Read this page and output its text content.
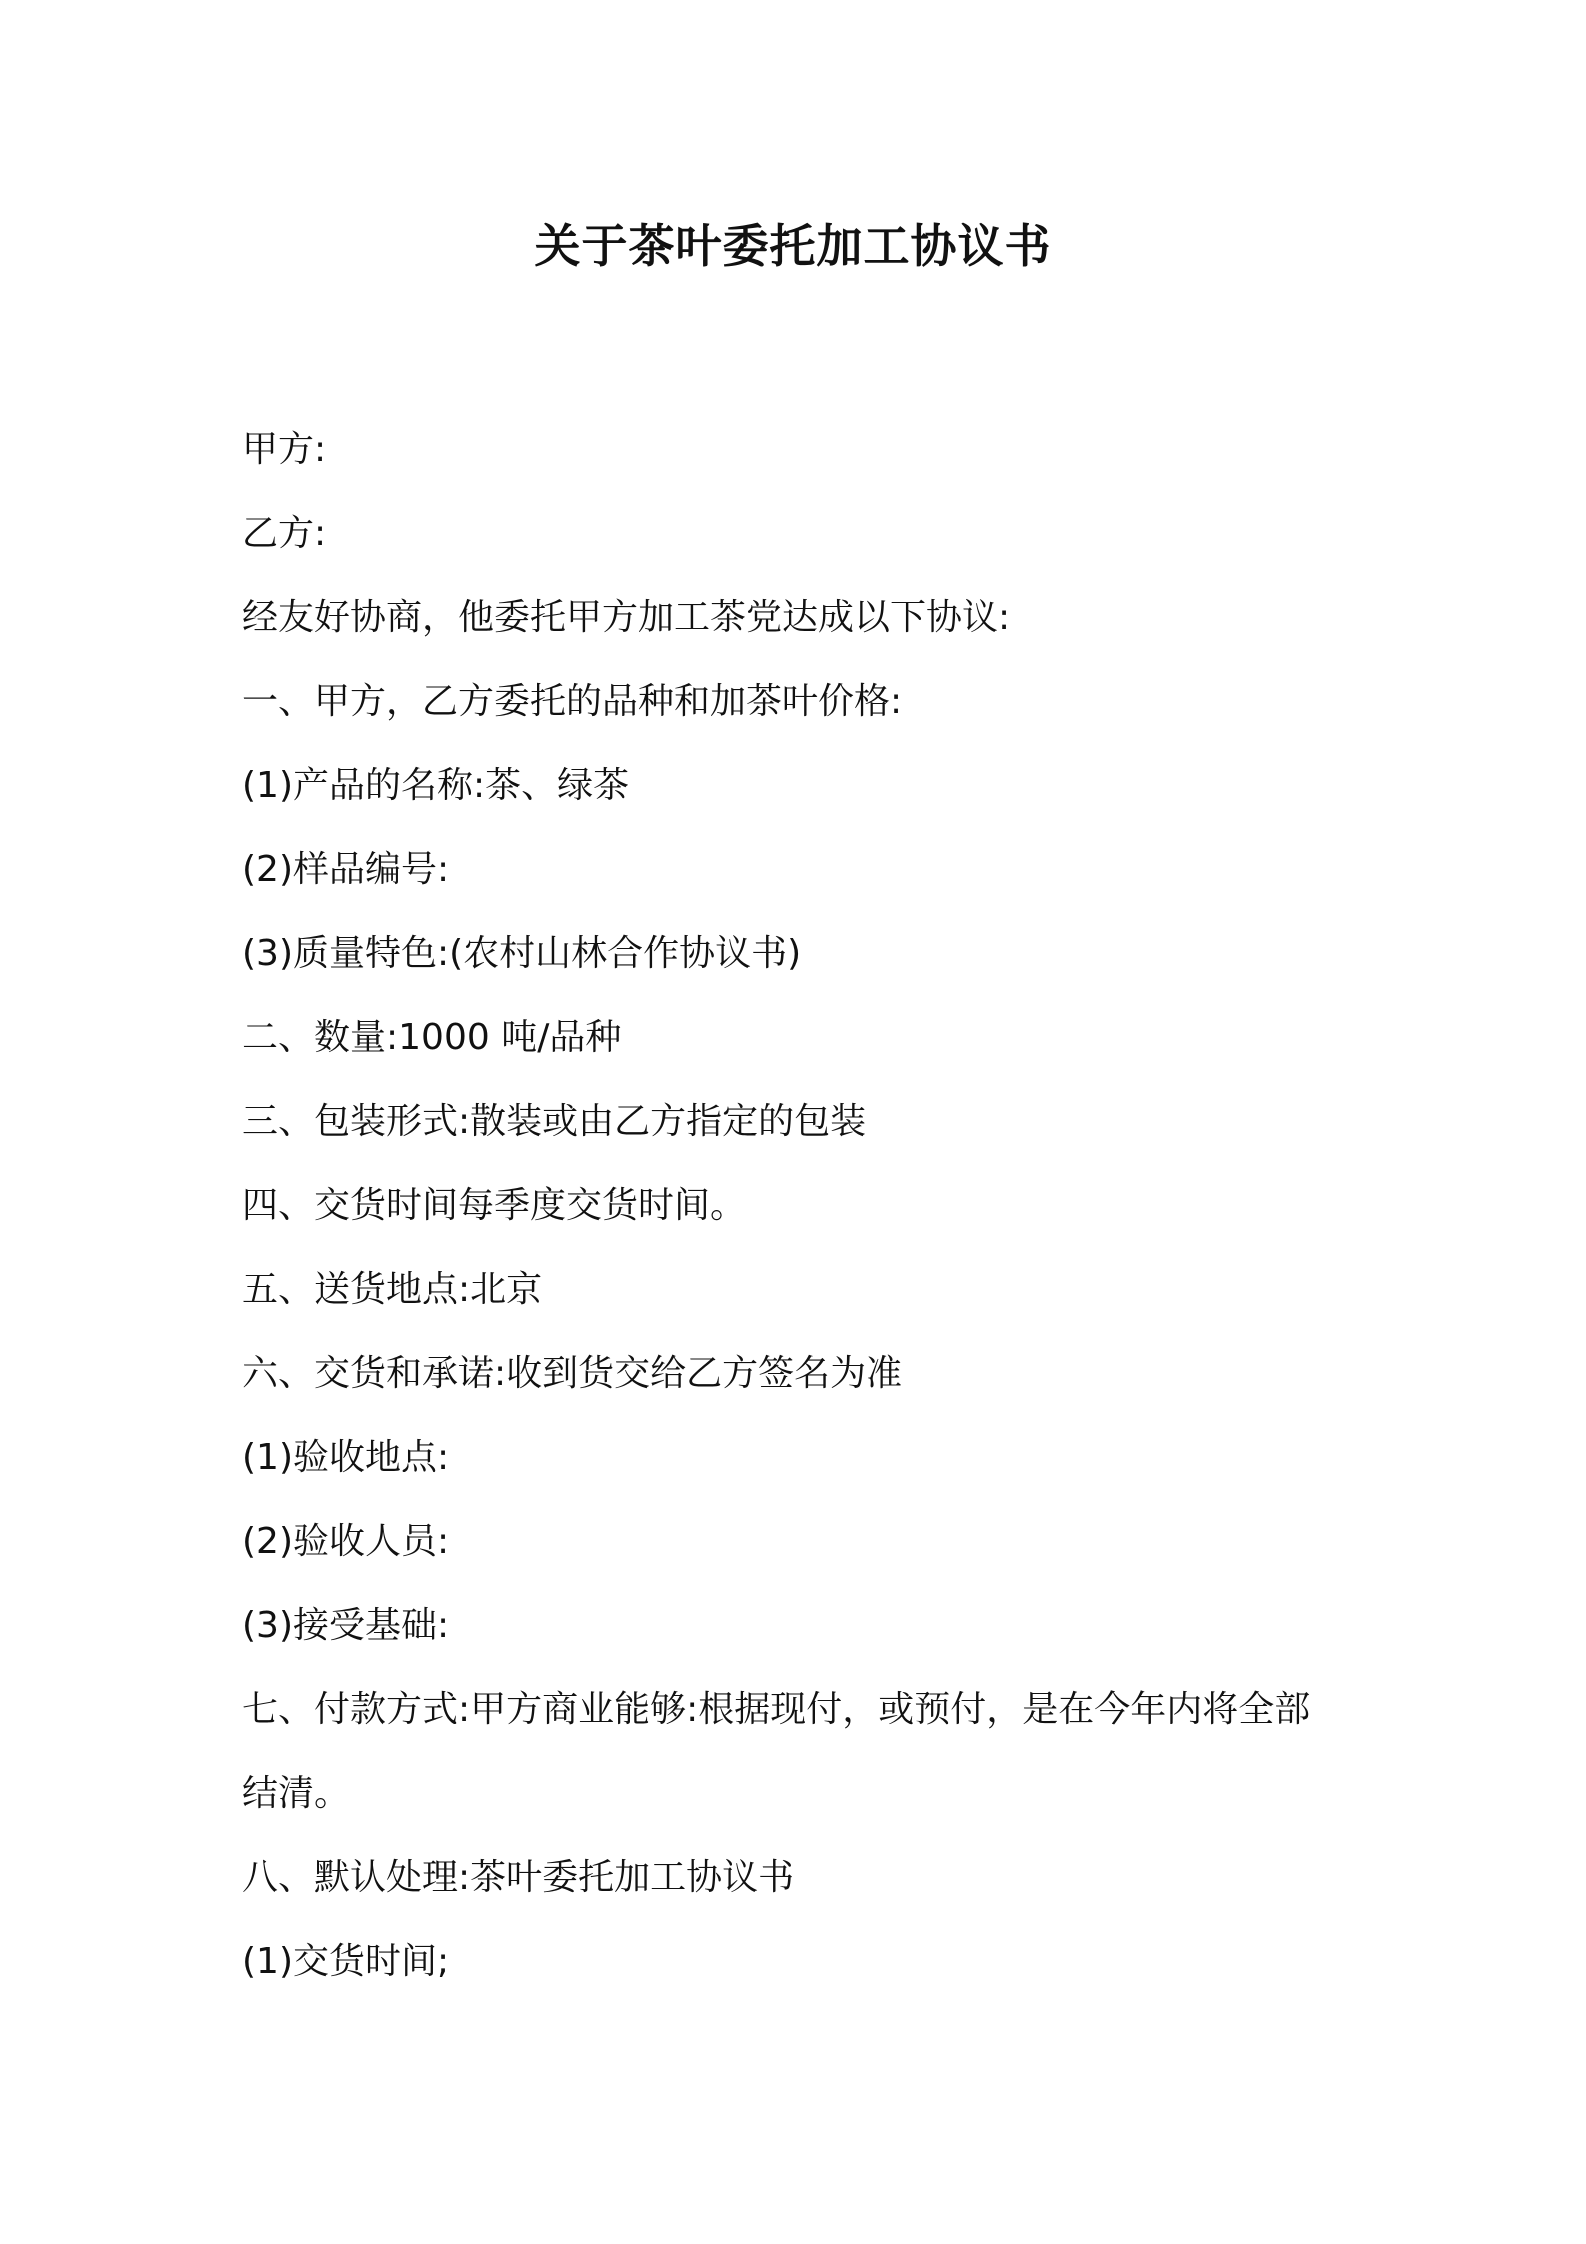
关于茶叶委托加工协议书
甲方:
乙方:
经友好协商，他委托甲方加工茶党达成以下协议:
一、甲方，乙方委托的品种和加茶叶价格:
(1)产品的名称:茶、绿茶
(2)样品编号:
(3)质量特色:(农村山林合作协议书)
二、数量:1000 吨/品种
三、包装形式:散装或由乙方指定的包装
四、交货时间每季度交货时间。
五、送货地点:北京
六、交货和承诺:收到货交给乙方签名为准
(1)验收地点:
(2)验收人员:
(3)接受基础:
七、付款方式:甲方商业能够:根据现付，或预付，是在今年内将全部
结清。
八、默认处理:茶叶委托加工协议书
(1)交货时间;
